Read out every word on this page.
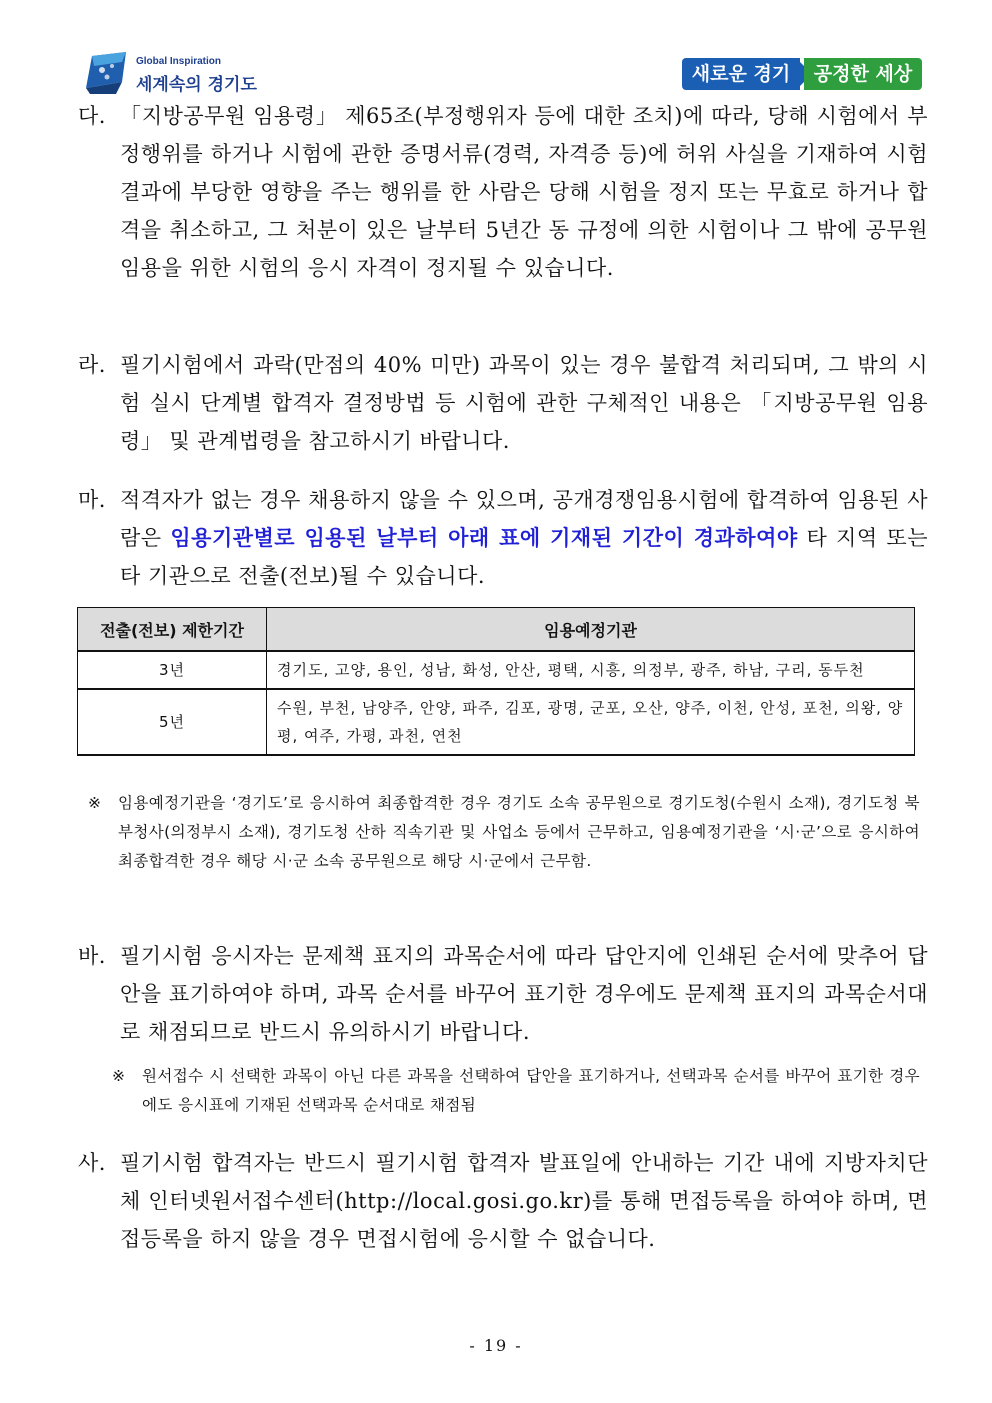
Global Inspiration
세계속의 경기도	새로운 경기	공정한 세상
다. 「지방공무원 임용령」 제65조(부정행위자 등에 대한 조치)에 따라, 당해 시험에서 부정행위를 하거나 시험에 관한 증명서류(경력, 자격증 등)에 허위 사실을 기재하여 시험결과에 부당한 영향을 주는 행위를 한 사람은 당해 시험을 정지 또는 무효로 하거나 합격을 취소하고, 그 처분이 있은 날부터 5년간 동 규정에 의한 시험이나 그 밖에 공무원 임용을 위한 시험의 응시 자격이 정지될 수 있습니다.
라. 필기시험에서 과락(만점의 40% 미만) 과목이 있는 경우 불합격 처리되며, 그 밖의 시험 실시 단계별 합격자 결정방법 등 시험에 관한 구체적인 내용은 「지방공무원 임용령」 및 관계법령을 참고하시기 바랍니다.
마. 적격자가 없는 경우 채용하지 않을 수 있으며, 공개경쟁임용시험에 합격하여 임용된 사람은 임용기관별로 임용된 날부터 아래 표에 기재된 기간이 경과하여야 타 지역 또는 타 기관으로 전출(전보)될 수 있습니다.
전출(전보) 제한기간	임용예정기관
3년	경기도, 고양, 용인, 성남, 화성, 안산, 평택, 시흥, 의정부, 광주, 하남, 구리, 동두천
5년	수원, 부천, 남양주, 안양, 파주, 김포, 광명, 군포, 오산, 양주, 이천, 안성, 포천, 의왕, 양평, 여주, 가평, 과천, 연천
※ 임용예정기관을 ‘경기도’로 응시하여 최종합격한 경우 경기도 소속 공무원으로 경기도청(수원시 소재), 경기도청 북부청사(의정부시 소재), 경기도청 산하 직속기관 및 사업소 등에서 근무하고, 임용예정기관을 ‘시·군’으로 응시하여 최종합격한 경우 해당 시·군 소속 공무원으로 해당 시·군에서 근무함.
바. 필기시험 응시자는 문제책 표지의 과목순서에 따라 답안지에 인쇄된 순서에 맞추어 답안을 표기하여야 하며, 과목 순서를 바꾸어 표기한 경우에도 문제책 표지의 과목순서대로 채점되므로 반드시 유의하시기 바랍니다.
※ 원서접수 시 선택한 과목이 아닌 다른 과목을 선택하여 답안을 표기하거나, 선택과목 순서를 바꾸어 표기한 경우에도 응시표에 기재된 선택과목 순서대로 채점됨
사. 필기시험 합격자는 반드시 필기시험 합격자 발표일에 안내하는 기간 내에 지방자치단체 인터넷원서접수센터(http://local.gosi.go.kr)를 통해 면접등록을 하여야 하며, 면접등록을 하지 않을 경우 면접시험에 응시할 수 없습니다.
- 19 -
